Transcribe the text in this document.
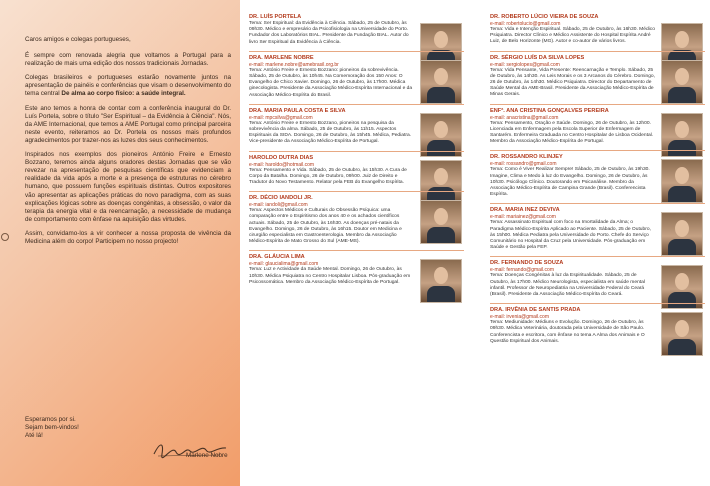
Caros amigos e colegas portugueses,

É sempre com renovada alegria que voltamos a Portugal para a realização de mais uma edição dos nossos tradicionais Jornadas.

Colegas brasileiros e portugueses estarão novamente juntos na apresentação de painéis e conferências que visam o desenvolvimento do tema central De alma ao corpo físico: a saúde integral.

Este ano temos a honra de contar com a conferência inaugural do Dr. Luís Portela, sobre o título "Ser Espiritual – da Evidência à Ciência". Nós, da AME Internacional, que temos a AME Portugal como principal parceira neste evento, reiteramos ao Dr. Portela os nossos mais profundos agradecimentos por trazer-nos as luzes dos seus conhecimentos.

Inspirados nos exemplos dos pioneiros António Freire e Ernesto Bozzano, teremos ainda alguns oradores destas Jornadas que se vão revezar na apresentação de pesquisas científicas que evidenciam a realidade da vida após a morte e a presença de estruturas no cérebro humano, que possuem funções espirituais distintas. Outros expositores vão apresentar as aplicações práticas do novo paradigma, com as suas explicações lógicas sobre as doenças congénitas, a obsessão, o valor da terapia da energia vital e da reencarnação, a necessidade de mudança de comportamento com ênfase na aquisição das virtudes.

Assim, convidamo-los a vir conhecer a nossa proposta de vivência da Medicina além do corpo! Participem no nosso projecto!

Esperamos por si.
Sejam bem-vindos!
Até lá!
Marlene Nobre
DR. LUÍS PORTELA
Tema: Ser Espiritual: da Evidência à Ciência. Sábado, 25 de Outubro, às 09h30. Médico e empresário da Psicofisiologia na Universidade do Porto. Fundador dos Laboratórios BIAL. Presidente da Fundação BIAL. Autor do livro Ser Espiritual da Evidência à Ciência.
DRA. MARLENE NOBRE
e-mail: marlene.nobre@amebrasil.org.br
Tema: António Freire e Ernesto Bozzano: pioneiros da sobrevivência. Sábado, 25 de Outubro, às 10h45. Na Comemoração dos 150 Anos: O Evangelho de Chico Xavier. Domingo, 26 de Outubro, às 17h00. Médica ginecologista. Presidente da Associação Médico-Espírita Internacional e da Associação Médico-Espírita do Brasil.
DRA. MARIA PAULA COSTA E SILVA
e-mail: mpcsilva@gmail.com
Tema: António Freire e Ernesto Bozzano, pioneiros na pesquisa da sobrevivência da alma. Sábado, 25 de Outubro, às 11h15. Aspectos Espirituais da SIDA. Domingo, 26 de Outubro, às 15h45. Médica, Pediatra. Vice-presidente da Associação Médico-Espírita de Portugal.
HAROLDO DUTRA DIAS
e-mail: haroldo@hotmail.com
Tema: Pensamento e Vida. Sábado, 25 de Outubro, às 15h30. A Cura de Corpo da Batalha. Domingo, 26 de Outubro, 09h00. Juiz de Direito e Tradutor do Novo Testamento. Relator pela FEB do Evangelho Espírita.
DR. DÉCIO IANDOLI JR.
e-mail: iandoli@gmail.com
Tema: Aspectos Médicos e Culturais do Obsessão Psíquica: uma comparação entre o Espiritismo dos anos 40 e os achados científicos actuais. Sábado, 25 de Outubro, às 16h30. As doenças pré-natais da Evangelho. Domingo, 26 de Outubro, às 16h15. Doutor em Medicina e cirurgião especialista em Gastroenterologia. Membro da Associação Médico-Espírita de Mato Grosso do Sul (AME-MS).
DRA. GLÁUCIA LIMA
e-mail: glaucialima@gmail.com
Tema: Luz e Actividade da Saúde Mental. Domingo, 26 de Outubro, às 10h30. Médica Psiquiatra no Centro Hospitalar Lisboa. Pós-graduação em Psicossomática. Membro da Associação Médico-Espírita de Portugal.
DR. ROBERTO LÚCIO VIEIRA DE SOUZA
e-mail: robertolucio@gmail.com
Tema: Vida e Intenção Espiritual. Sábado, 25 de Outubro, às 16h30. Médico Psiquiatra. Director Clínico e Médico Assistente do Hospital Espírita André Luiz, de Belo Horizonte (MG). Autor e co-autor de vários livros.
DR. SÉRGIO LUÍS DA SILVA LOPES
e-mail: sergiolopes@gmail.com
Tema: Vida Pensante, Vida Presente: Reencarnação e Templo. Sábado, 25 de Outubro, às 14h30. As Leis Morais e os 3 Arcanos do Cérebro. Domingo, 26 de Outubro, às 14h30. Médico Psiquiatra. Director do Departamento de Saúde Mental da AME-Brasil. Presidente da Associação Médico-Espírita de Minas Gerais.
ENFª. ANA CRISTINA GONÇALVES PEREIRA
e-mail: anacristina@gmail.com
Tema: Pensamento, Oração e Saúde. Domingo, 26 de Outubro, às 12h00. Licenciada em Enfermagem pela Escola Superior de Enfermagem de Santarém. Enfermeira Graduada no Centro Hospitalar de Lisboa Ocidental. Membro da Associação Médico-Espírita de Portugal.
DR. ROSSANDRO KLINJEY
e-mail: rossandro@gmail.com
Tema: Como é Viver Realizar Sempre! Sábado, 25 de Outubro, às 19h30. Imagine, Clima e Medo à luz do Evangelho. Domingo, 26 de Outubro, às 10h30. Psicólogo Clínico. Doutorando em Psicanálise. Membro da Associação Médico-Espírita de Campina Grande (Brasil). Conferencista Espírita.
DRA. MARIA INEZ DEVIVA
e-mail: mariainez@gmail.com
Tema: Assassinato Espiritual com foco na Imortalidade da Alma; o Paradigma Médico-Espírita Aplicado ao Paciente. Sábado, 25 de Outubro, às 15h00. Médica Pediatra pela Universidade do Porto. Chefe do Serviço Comunitário no Hospital da Cruz pela Universidade. Pós-graduação em Saúde e Gestão pela FEP.
DR. FERNANDO DE SOUZA
e-mail: fernando@gmail.com
Tema: Doenças Congénitas à luz da Espiritualidade. Sábado, 25 de Outubro, às 17h00. Médico Neurologista, especialista em saúde mental infantil. Professor de Neuropediatria na Universidade Federal do Ceará (Brasil). Presidente da Associação Médico-Espírita do Ceará.
DRA. IRVÊNIA DE SANTIS PRADA
e-mail: irvenia@gmail.com
Tema: Mediunidade: Médiuns e Evolução. Domingo, 26 de Outubro, às 09h30. Médica Veterinária, doutorada pela Universidade de São Paulo. Conferencista e escritora, com ênfase no tema A Alma dos Animais e O Questão Espiritual dos Animais.
